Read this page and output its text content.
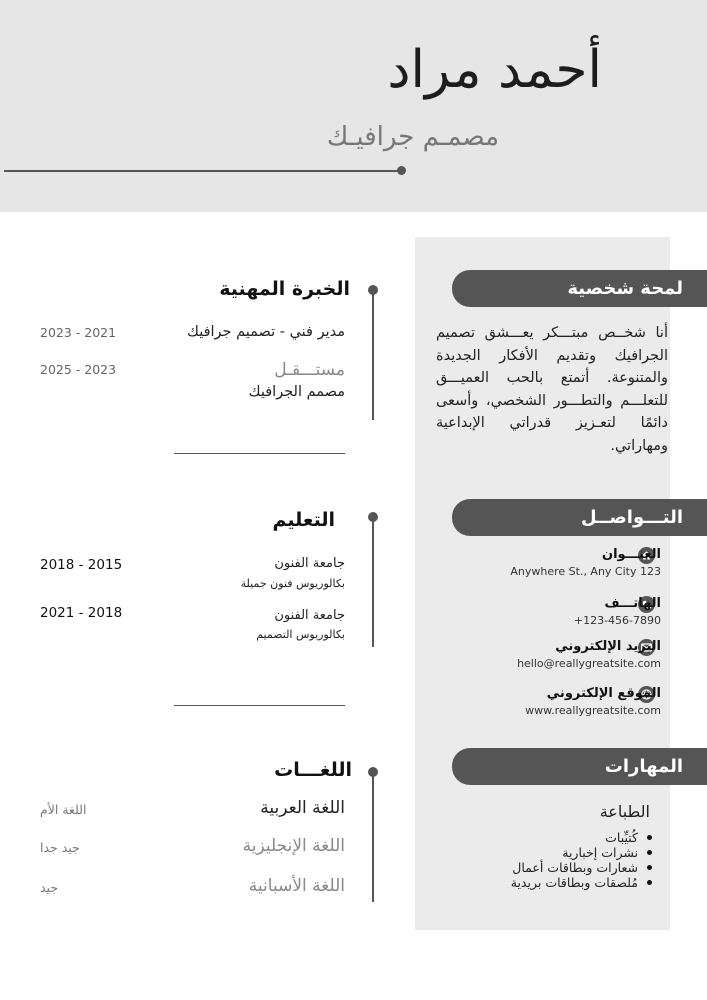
أحمد مراد
مصمـم جرافيـك
لمحة شخصية
أنا شخــص مبتـــكر يعـــشق تصميم الجرافيك وتقديم الأفكار الجديدة والمتنوعة. أتمتع بالحب العميـــق للتعلـــم والتطـــور الشخصي، وأسعى دائمًا لتعـزيز قدراتي الإبداعية ومهاراتي.
التـــواصــل
العنـــوان
Anywhere St., Any City 123
الهاتـــف
+123-456-7890
البريد الإلكتروني
hello@reallygreatsite.com
الموقع الإلكتروني
www.reallygreatsite.com
المهارات
الطباعة
كُتيِّبات
نشرات إخبارية
شعارات وبطاقات أعمال
مُلصقات وبطاقات بريدية
الخبرة المهنية
مدير فني - تصميم جرافيك
2023 - 2021
مستـــقـل
مصمم الجرافيك
2025 - 2023
التعليم
جامعة الفنون
بكالوريوس فنون جميلة
2018 - 2015
جامعة الفنون
بكالوريوس التصميم
2021 - 2018
اللغـــات
اللغة العربية
اللغة الأم
اللغة الإنجليزية
جيد جدا
اللغة الأسبانية
جيد
